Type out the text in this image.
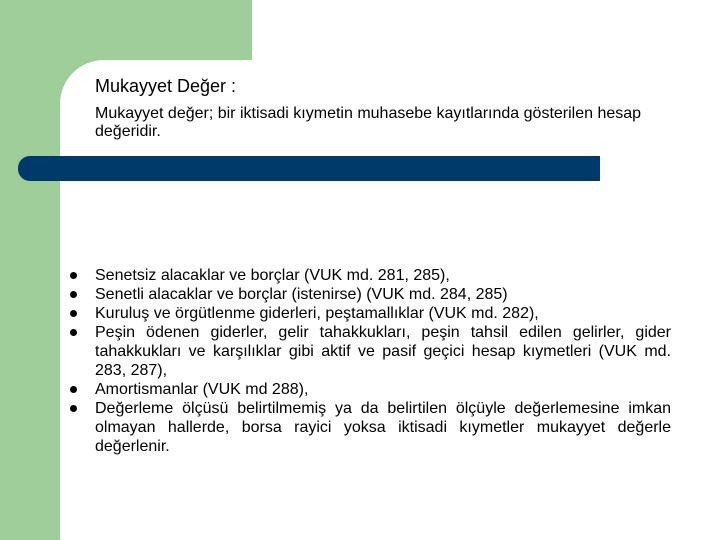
Mukayyet Değer :
Mukayyet değer; bir iktisadi kıymetin muhasebe kayıtlarında gösterilen hesap değeridir.
Senetsiz alacaklar ve borçlar (VUK md. 281, 285),
Senetli alacaklar ve borçlar (istenirse) (VUK md. 284, 285)
Kuruluş ve örgütlenme giderleri, peştamallıklar (VUK md. 282),
Peşin ödenen giderler, gelir tahakkukları, peşin tahsil edilen gelirler, gider tahakkukları ve karşılıklar gibi aktif ve pasif geçici hesap kıymetleri (VUK md. 283, 287),
Amortismanlar (VUK md 288),
Değerleme ölçüsü belirtilmemiş ya da belirtilen ölçüyle değerlemesine imkan olmayan hallerde, borsa rayici yoksa iktisadi kıymetler mukayyet değerle değerlenir.
